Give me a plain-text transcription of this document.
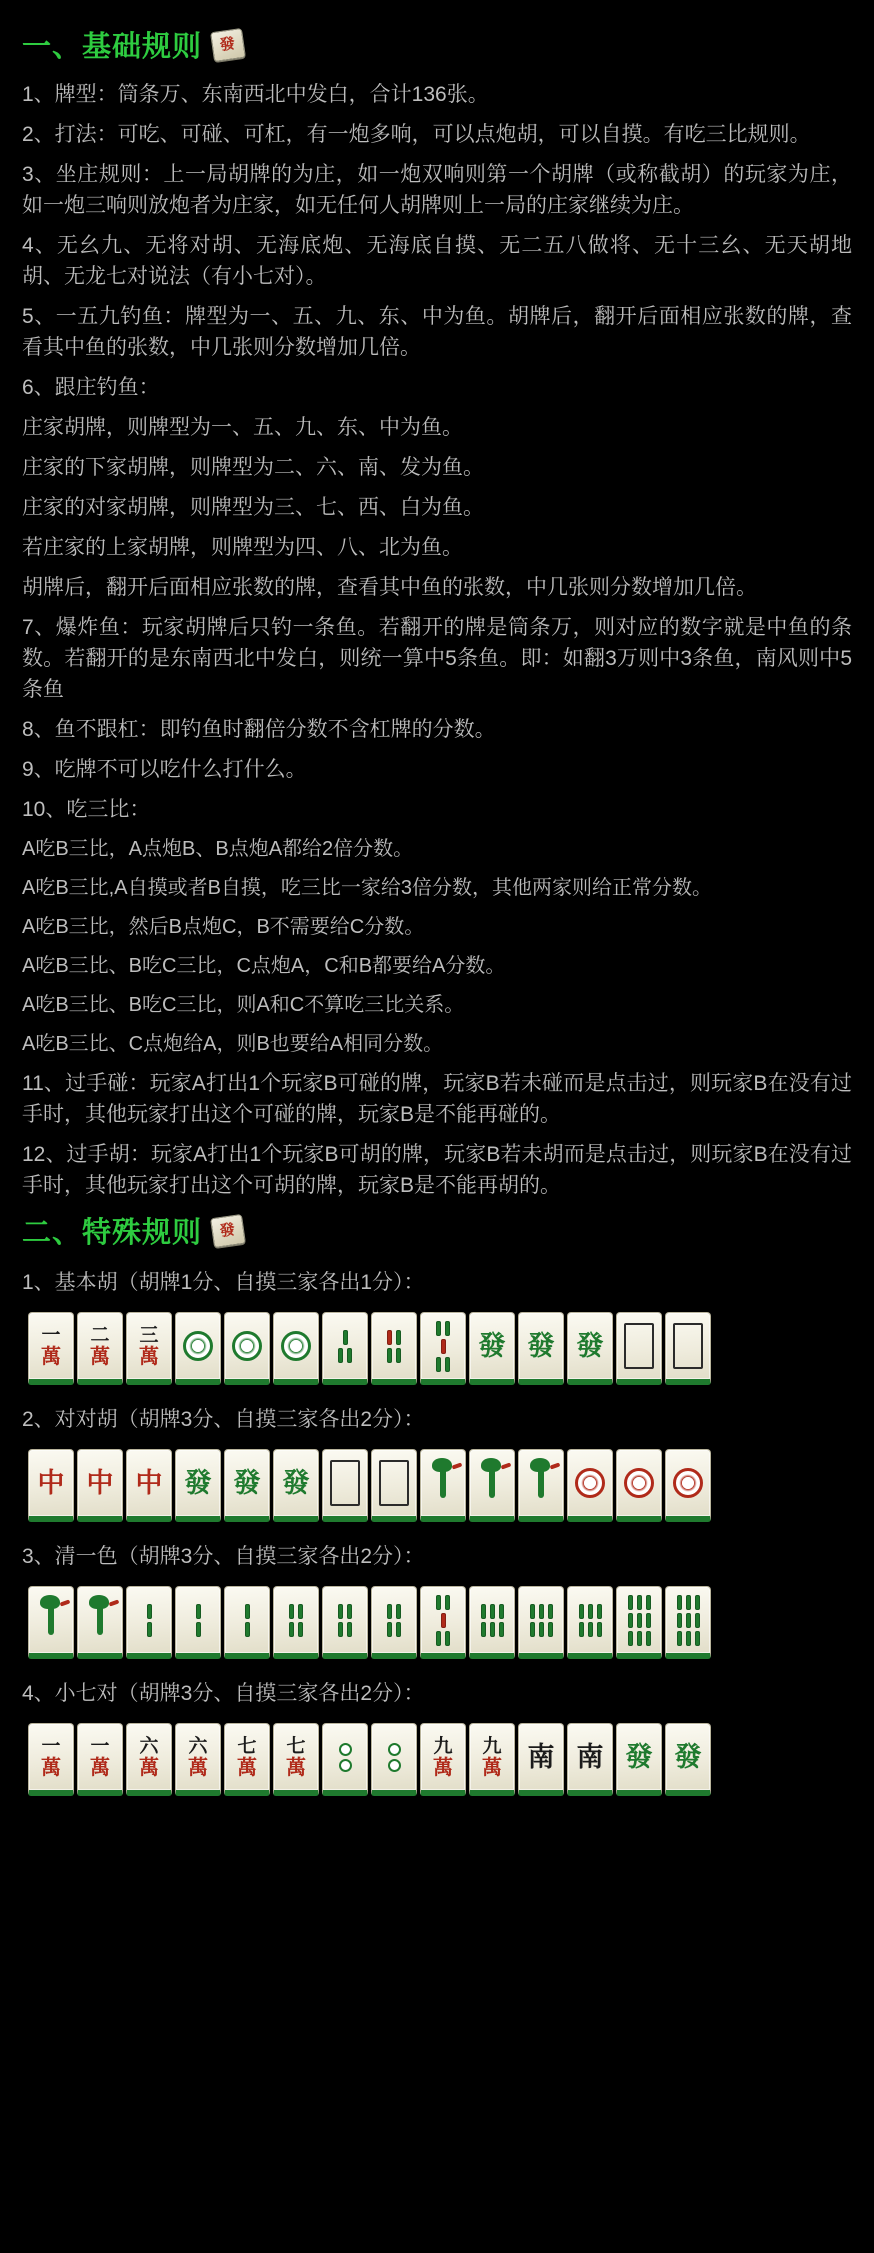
一、基础规则
發

1、牌型：筒条万、东南西北中发白，合计136张。

2、打法：可吃、可碰、可杠，有一炮多响，可以点炮胡，可以自摸。有吃三比规则。

3、坐庄规则：上一局胡牌的为庄，如一炮双响则第一个胡牌（或称截胡）的玩家为庄，如一炮三响则放炮者为庄家，如无任何人胡牌则上一局的庄家继续为庄。

4、无幺九、无将对胡、无海底炮、无海底自摸、无二五八做将、无十三幺、无天胡地胡、无龙七对说法（有小七对）。

5、一五九钓鱼：牌型为一、五、九、东、中为鱼。胡牌后，翻开后面相应张数的牌，查看其中鱼的张数，中几张则分数增加几倍。

6、跟庄钓鱼：

庄家胡牌，则牌型为一、五、九、东、中为鱼。

庄家的下家胡牌，则牌型为二、六、南、发为鱼。

庄家的对家胡牌，则牌型为三、七、西、白为鱼。

若庄家的上家胡牌，则牌型为四、八、北为鱼。

胡牌后，翻开后面相应张数的牌，查看其中鱼的张数，中几张则分数增加几倍。

7、爆炸鱼：玩家胡牌后只钓一条鱼。若翻开的牌是筒条万，则对应的数字就是中鱼的条数。若翻开的是东南西北中发白，则统一算中5条鱼。即：如翻3万则中3条鱼，南风则中5条鱼

8、鱼不跟杠：即钓鱼时翻倍分数不含杠牌的分数。

9、吃牌不可以吃什么打什么。

10、吃三比：

A吃B三比，A点炮B、B点炮A都给2倍分数。

A吃B三比,A自摸或者B自摸，吃三比一家给3倍分数，其他两家则给正常分数。

A吃B三比，然后B点炮C，B不需要给C分数。

A吃B三比、B吃C三比，C点炮A，C和B都要给A分数。

A吃B三比、B吃C三比，则A和C不算吃三比关系。

A吃B三比、C点炮给A，则B也要给A相同分数。

11、过手碰：玩家A打出1个玩家B可碰的牌，玩家B若未碰而是点击过，则玩家B在没有过手时，其他玩家打出这个可碰的牌，玩家B是不能再碰的。

12、过手胡：玩家A打出1个玩家B可胡的牌，玩家B若未胡而是点击过，则玩家B在没有过手时，其他玩家打出这个可胡的牌，玩家B是不能再胡的。

二、特殊规则
發
1、基本胡（胡牌1分、自摸三家各出1分）：
一
萬
二
萬
三
萬	發 發 發
2、对对胡（胡牌3分、自摸三家各出2分）：
中 中 中 發 發 發
3、清一色（胡牌3分、自摸三家各出2分）：
4、小七对（胡牌3分、自摸三家各出2分）：
一
萬
一
萬
六
萬
六
萬
七
萬
七
萬
九
萬
九
萬 南 南 發 發
